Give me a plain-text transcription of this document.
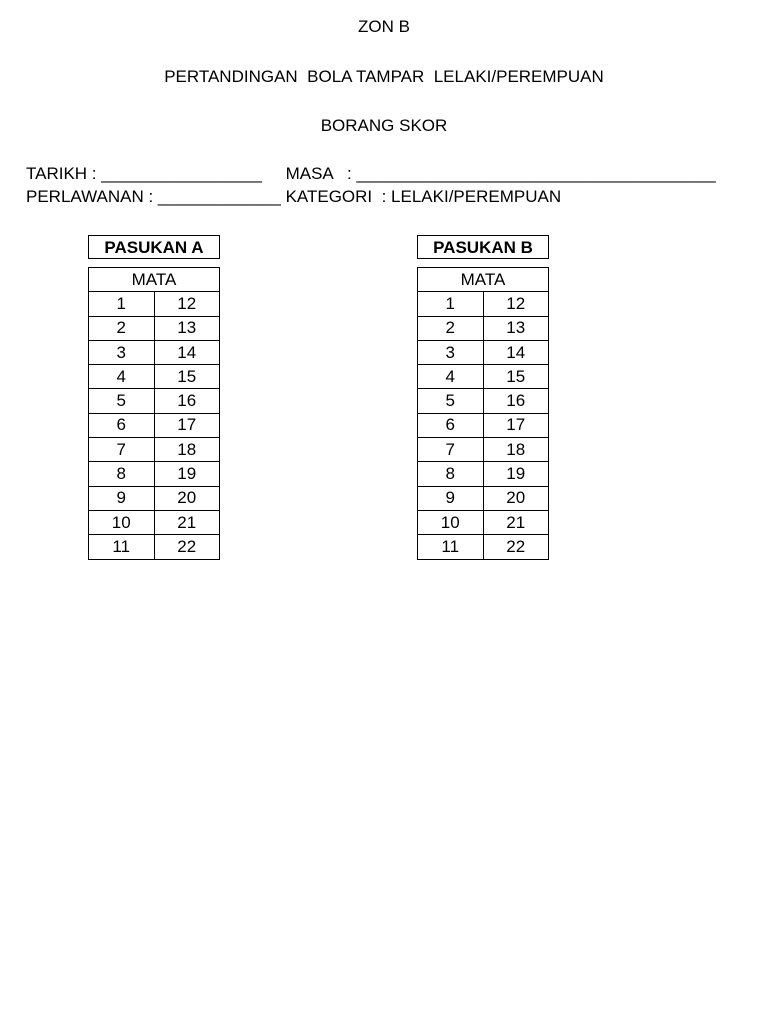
ZON B
PERTANDINGAN  BOLA TAMPAR  LELAKI/PEREMPUAN
BORANG SKOR
TARIKH : _________________     MASA   : ______________________________________
PERLAWANAN : _____________ KATEGORI  : LELAKI/PEREMPUAN
PASUKAN A
MATA	
1	12
2	13
3	14
4	15
5	16
6	17
7	18
8	19
9	20
10	21
11	22
PASUKAN B
MATA	
1	12
2	13
3	14
4	15
5	16
6	17
7	18
8	19
9	20
10	21
11	22
